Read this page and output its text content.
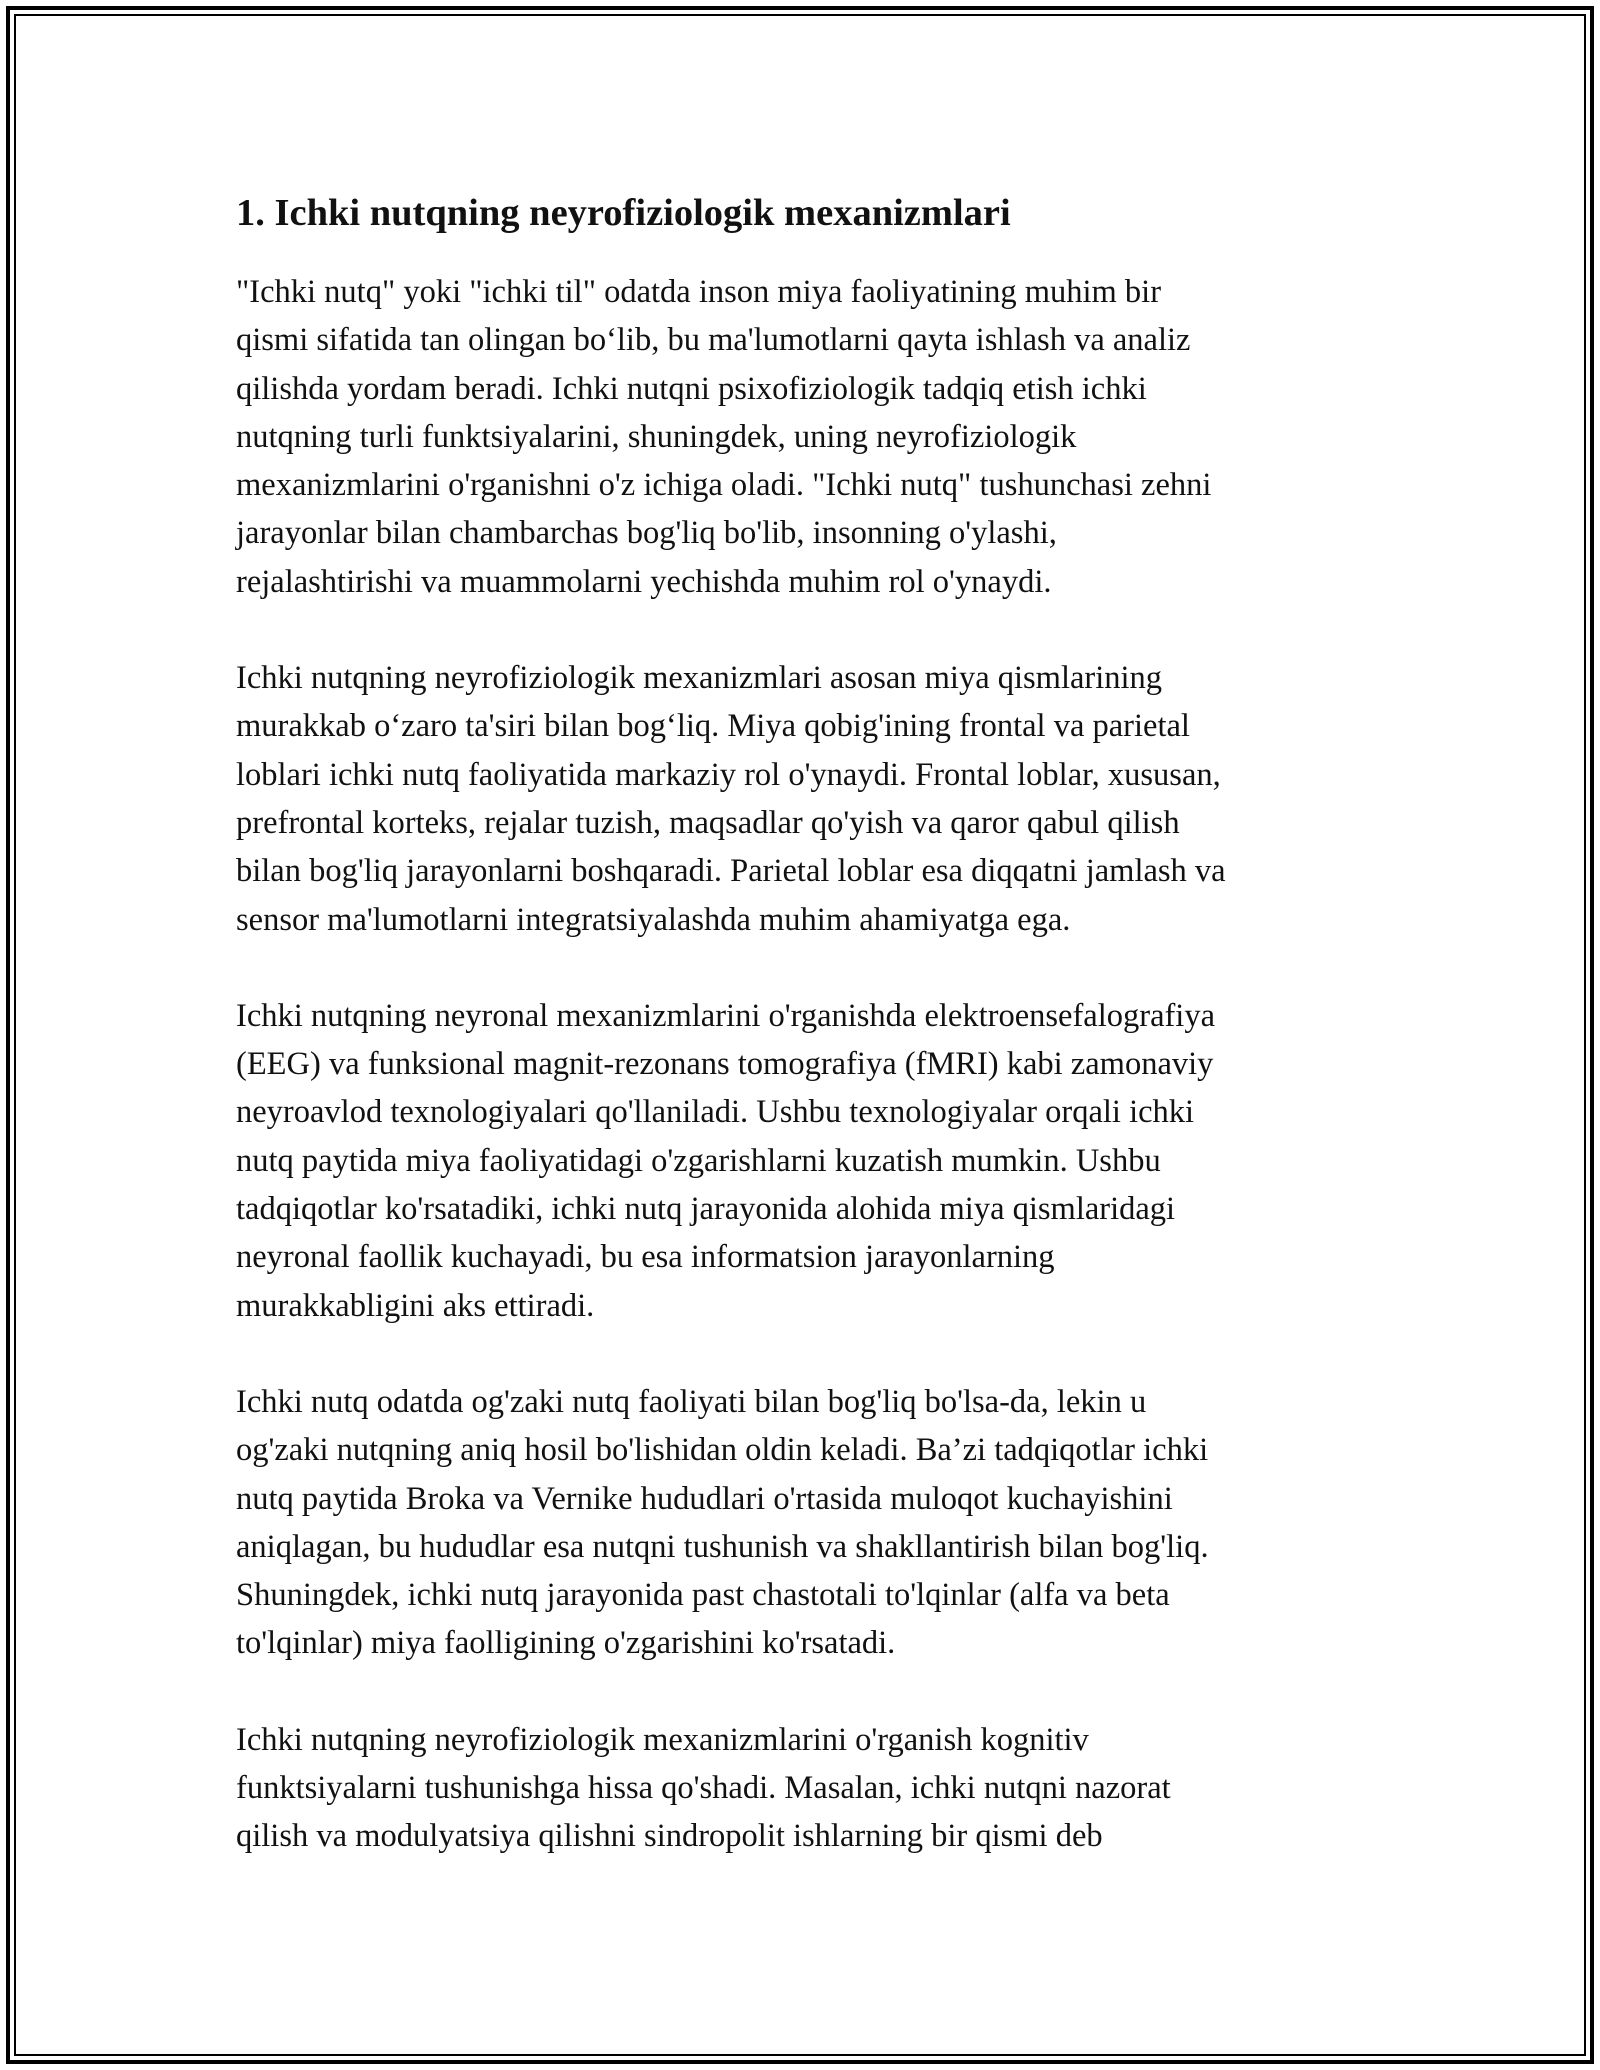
1. Ichki nutqning neyrofiziologik mexanizmlari

"Ichki nutq" yoki "ichki til" odatda inson miya faoliyatining muhim bir
qismi sifatida tan olingan bo‘lib, bu ma'lumotlarni qayta ishlash va analiz
qilishda yordam beradi. Ichki nutqni psixofiziologik tadqiq etish ichki
nutqning turli funktsiyalarini, shuningdek, uning neyrofiziologik
mexanizmlarini o'rganishni o'z ichiga oladi. "Ichki nutq" tushunchasi zehni
jarayonlar bilan chambarchas bog'liq bo'lib, insonning o'ylashi,
rejalashtirishi va muammolarni yechishda muhim rol o'ynaydi.

Ichki nutqning neyrofiziologik mexanizmlari asosan miya qismlarining
murakkab o‘zaro ta'siri bilan bog‘liq. Miya qobig'ining frontal va parietal
loblari ichki nutq faoliyatida markaziy rol o'ynaydi. Frontal loblar, xususan,
prefrontal korteks, rejalar tuzish, maqsadlar qo'yish va qaror qabul qilish
bilan bog'liq jarayonlarni boshqaradi. Parietal loblar esa diqqatni jamlash va
sensor ma'lumotlarni integratsiyalashda muhim ahamiyatga ega.

Ichki nutqning neyronal mexanizmlarini o'rganishda elektroensefalografiya
(EEG) va funksional magnit-rezonans tomografiya (fMRI) kabi zamonaviy
neyroavlod texnologiyalari qo'llaniladi. Ushbu texnologiyalar orqali ichki
nutq paytida miya faoliyatidagi o'zgarishlarni kuzatish mumkin. Ushbu
tadqiqotlar ko'rsatadiki, ichki nutq jarayonida alohida miya qismlaridagi
neyronal faollik kuchayadi, bu esa informatsion jarayonlarning
murakkabligini aks ettiradi.

Ichki nutq odatda og'zaki nutq faoliyati bilan bog'liq bo'lsa-da, lekin u
og'zaki nutqning aniq hosil bo'lishidan oldin keladi. Ba’zi tadqiqotlar ichki
nutq paytida Broka va Vernike hududlari o'rtasida muloqot kuchayishini
aniqlagan, bu hududlar esa nutqni tushunish va shakllantirish bilan bog'liq.
Shuningdek, ichki nutq jarayonida past chastotali to'lqinlar (alfa va beta
to'lqinlar) miya faolligining o'zgarishini ko'rsatadi.

Ichki nutqning neyrofiziologik mexanizmlarini o'rganish kognitiv
funktsiyalarni tushunishga hissa qo'shadi. Masalan, ichki nutqni nazorat
qilish va modulyatsiya qilishni sindropolit ishlarning bir qismi deb
